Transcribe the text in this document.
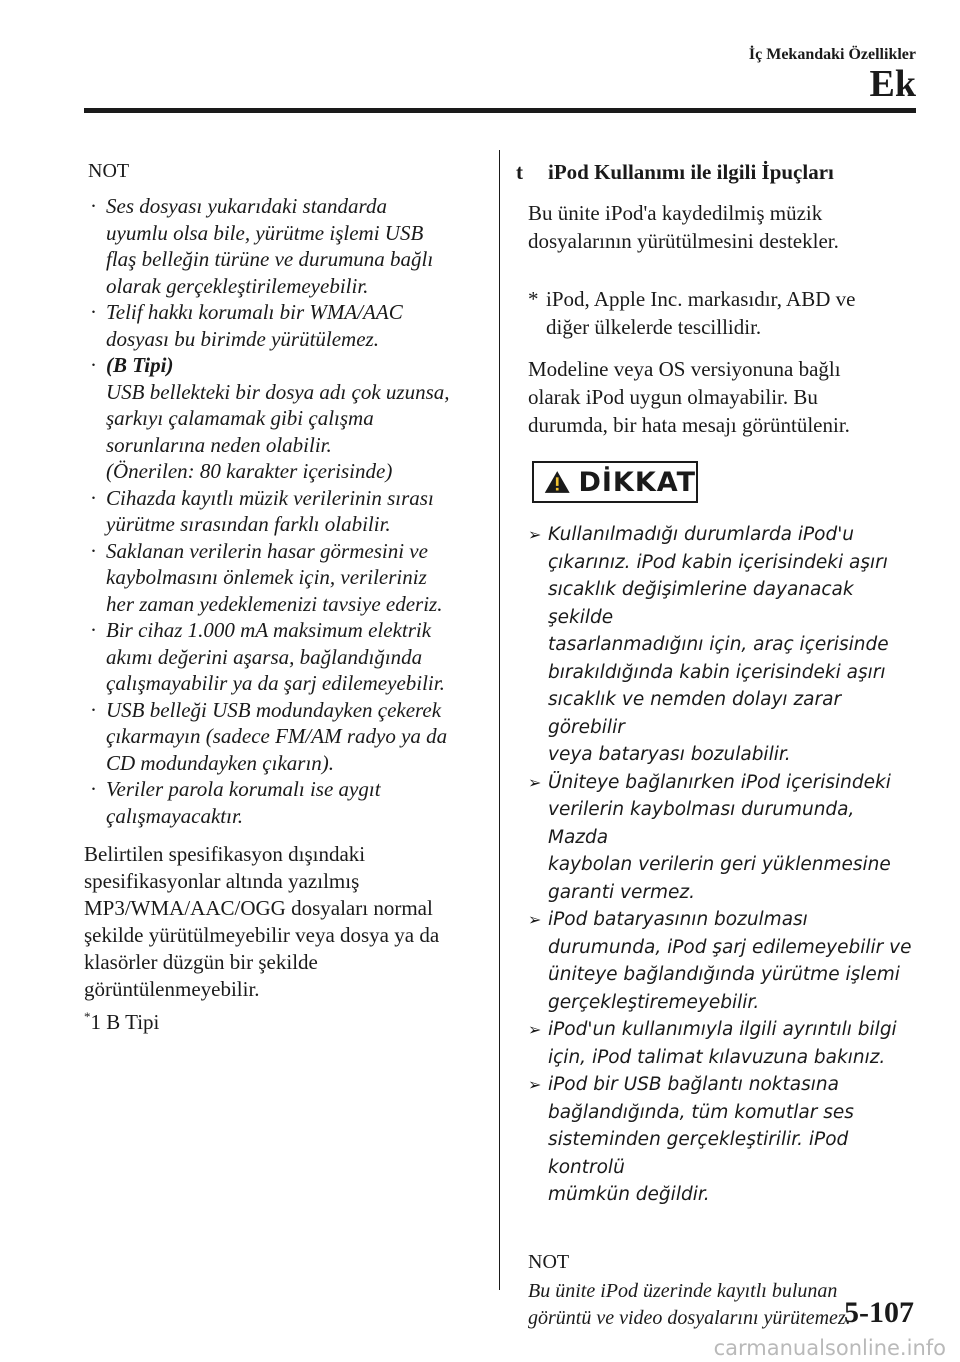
İç Mekandaki Özellikler
Ek
NOT
· Ses dosyası yukarıdaki standarda
uyumlu olsa bile, yürütme işlemi USB
flaş belleğin türüne ve durumuna bağlı
olarak gerçekleştirilemeyebilir.
· Telif hakkı korumalı bir WMA/AAC
dosyası bu birimde yürütülemez.
· (B Tipi)
USB bellekteki bir dosya adı çok uzunsa,
şarkıyı çalamamak gibi çalışma
sorunlarına neden olabilir.
(Önerilen: 80 karakter içerisinde)
· Cihazda kayıtlı müzik verilerinin sırası
yürütme sırasından farklı olabilir.
· Saklanan verilerin hasar görmesini ve
kaybolmasını önlemek için, verileriniz
her zaman yedeklemenizi tavsiye ederiz.
· Bir cihaz 1.000 mA maksimum elektrik
akımı değerini aşarsa, bağlandığında
çalışmayabilir ya da şarj edilemeyebilir.
· USB belleği USB modundayken çekerek
çıkarmayın (sadece FM/AM radyo ya da
CD modundayken çıkarın).
· Veriler parola korumalı ise aygıt
çalışmayacaktır.
Belirtilen spesifikasyon dışındaki
spesifikasyonlar altında yazılmış
MP3/WMA/AAC/OGG dosyaları normal
şekilde yürütülmeyebilir veya dosya ya da
klasörler düzgün bir şekilde
görüntülenmeyebilir.
*1 B Tipi
t iPod Kullanımı ile ilgili İpuçları
Bu ünite iPod'a kaydedilmiş müzik
dosyalarının yürütülmesini destekler.
* iPod, Apple Inc. markasıdır, ABD ve
diğer ülkelerde tescillidir.
Modeline veya OS versiyonuna bağlı
olarak iPod uygun olmayabilir. Bu
durumda, bir hata mesajı görüntülenir.
DİKKAT
➢ Kullanılmadığı durumlarda iPod'u
çıkarınız. iPod kabin içerisindeki aşırı
sıcaklık değişimlerine dayanacak şekilde
tasarlanmadığını için, araç içerisinde
bırakıldığında kabin içerisindeki aşırı
sıcaklık ve nemden dolayı zarar görebilir
veya bataryası bozulabilir.
➢ Üniteye bağlanırken iPod içerisindeki
verilerin kaybolması durumunda, Mazda
kaybolan verilerin geri yüklenmesine
garanti vermez.
➢ iPod bataryasının bozulması
durumunda, iPod şarj edilemeyebilir ve
üniteye bağlandığında yürütme işlemi
gerçekleştiremeyebilir.
➢ iPod'un kullanımıyla ilgili ayrıntılı bilgi
için, iPod talimat kılavuzuna bakınız.
➢ iPod bir USB bağlantı noktasına
bağlandığında, tüm komutlar ses
sisteminden gerçekleştirilir. iPod kontrolü
mümkün değildir.
NOT
Bu ünite iPod üzerinde kayıtlı bulunan
görüntü ve video dosyalarını yürütemez.
5-107
carmanualsonline.info
